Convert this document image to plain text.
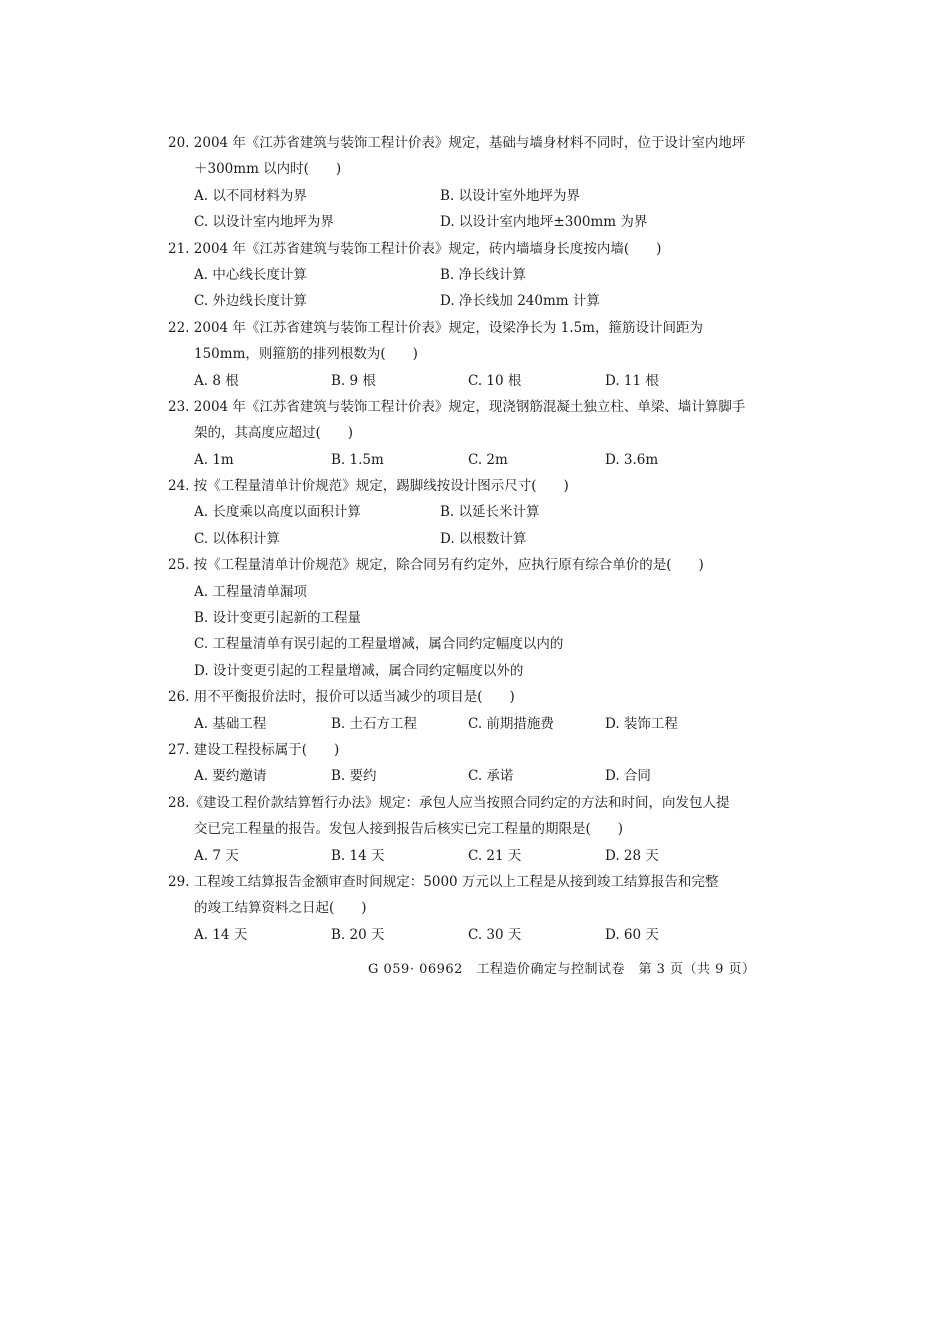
20. 2004 年《江苏省建筑与装饰工程计价表》规定，基础与墙身材料不同时，位于设计室内地坪
＋300mm 以内时(　　)
A. 以不同材料为界	B. 以设计室外地坪为界
C. 以设计室内地坪为界	D. 以设计室内地坪±300mm 为界
21. 2004 年《江苏省建筑与装饰工程计价表》规定，砖内墙墙身长度按内墙(　　)
A. 中心线长度计算	B. 净长线计算
C. 外边线长度计算	D. 净长线加 240mm 计算
22. 2004 年《江苏省建筑与装饰工程计价表》规定，设梁净长为 1.5m，箍筋设计间距为
150mm，则箍筋的排列根数为(　　)
A. 8 根	B. 9 根	C. 10 根	D. 11 根
23. 2004 年《江苏省建筑与装饰工程计价表》规定，现浇钢筋混凝土独立柱、单梁、墙计算脚手
架的，其高度应超过(　　)
A. 1m	B. 1.5m	C. 2m	D. 3.6m
24. 按《工程量清单计价规范》规定，踢脚线按设计图示尺寸(　　)
A. 长度乘以高度以面积计算	B. 以延长米计算
C. 以体积计算	D. 以根数计算
25. 按《工程量清单计价规范》规定，除合同另有约定外，应执行原有综合单价的是(　　)
A. 工程量清单漏项
B. 设计变更引起新的工程量
C. 工程量清单有误引起的工程量增减，属合同约定幅度以内的
D. 设计变更引起的工程量增减，属合同约定幅度以外的
26. 用不平衡报价法时，报价可以适当减少的项目是(　　)
A. 基础工程	B. 土石方工程	C. 前期措施费	D. 装饰工程
27. 建设工程投标属于(　　)
A. 要约邀请	B. 要约	C. 承诺	D. 合同
28.《建设工程价款结算暂行办法》规定：承包人应当按照合同约定的方法和时间，向发包人提
交已完工程量的报告。发包人接到报告后核实已完工程量的期限是(　　)
A. 7 天	B. 14 天	C. 21 天	D. 28 天
29. 工程竣工结算报告金额审查时间规定：5000 万元以上工程是从接到竣工结算报告和完整
的竣工结算资料之日起(　　)
A. 14 天	B. 20 天	C. 30 天	D. 60 天
G 059· 06962　工程造价确定与控制试卷　第 3 页（共 9 页）
